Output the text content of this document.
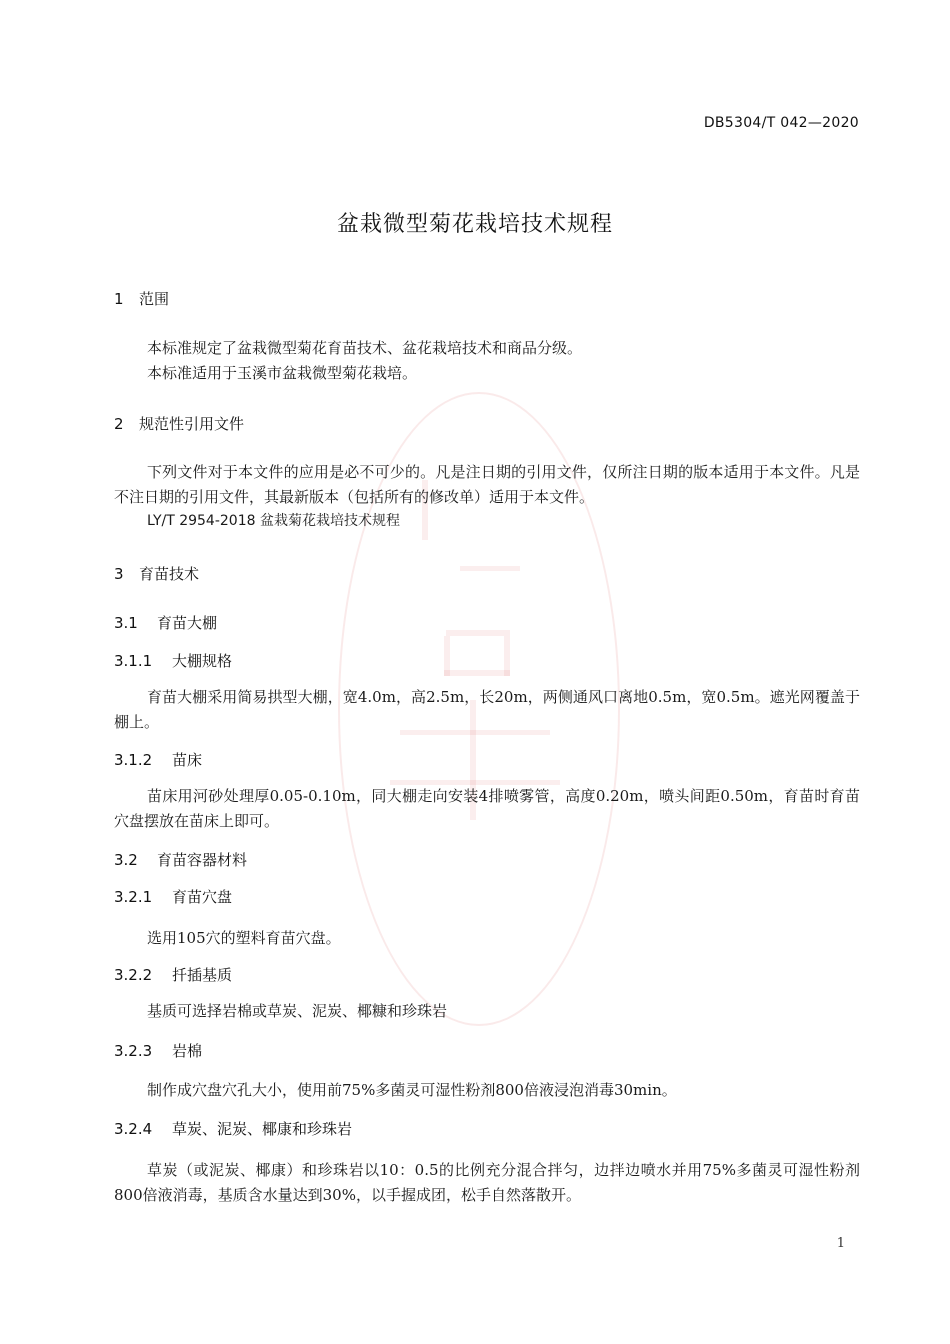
DB5304/T 042—2020
盆栽微型菊花栽培技术规程
1 范围
本标准规定了盆栽微型菊花育苗技术、盆花栽培技术和商品分级。
本标准适用于玉溪市盆栽微型菊花栽培。
2 规范性引用文件
下列文件对于本文件的应用是必不可少的。凡是注日期的引用文件，仅所注日期的版本适用于本文件。凡是不注日期的引用文件，其最新版本（包括所有的修改单）适用于本文件。
LY/T 2954-2018 盆栽菊花栽培技术规程
3 育苗技术
3.1 育苗大棚
3.1.1 大棚规格
育苗大棚采用简易拱型大棚，宽4.0m，高2.5m，长20m，两侧通风口离地0.5m，宽0.5m。遮光网覆盖于棚上。
3.1.2 苗床
苗床用河砂处理厚0.05-0.10m，同大棚走向安装4排喷雾管，高度0.20m，喷头间距0.50m，育苗时育苗穴盘摆放在苗床上即可。
3.2 育苗容器材料
3.2.1 育苗穴盘
选用105穴的塑料育苗穴盘。
3.2.2 扦插基质
基质可选择岩棉或草炭、泥炭、椰糠和珍珠岩
3.2.3 岩棉
制作成穴盘穴孔大小，使用前75%多菌灵可湿性粉剂800倍液浸泡消毒30min。
3.2.4 草炭、泥炭、椰康和珍珠岩
草炭（或泥炭、椰康）和珍珠岩以10：0.5的比例充分混合拌匀，边拌边喷水并用75%多菌灵可湿性粉剂800倍液消毒，基质含水量达到30%，以手握成团，松手自然落散开。
1
